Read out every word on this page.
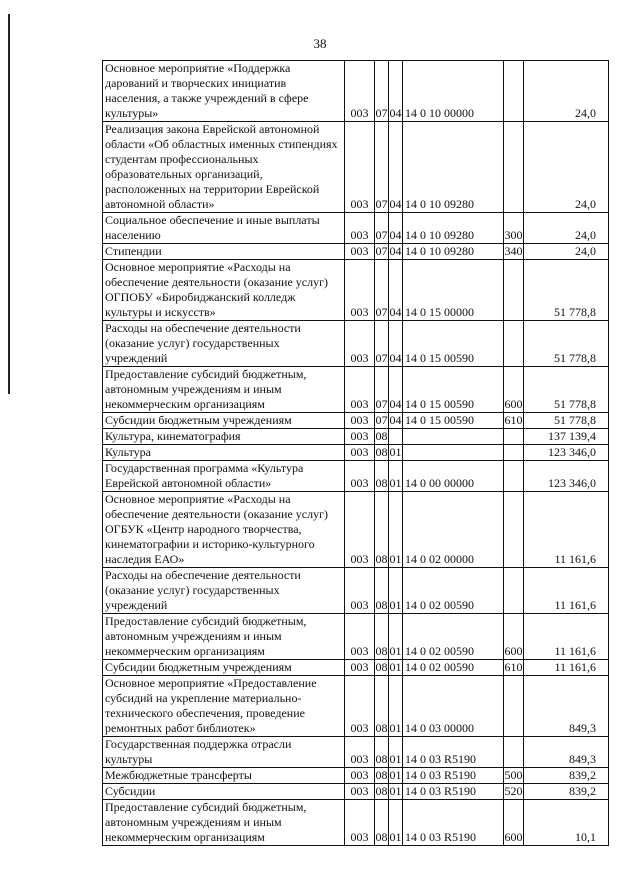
38
Основное мероприятие «Поддержка дарований и творческих инициатив населения, а также учреждений в сфере культуры»	003	07	04	14 0 10 00000		24,0
Реализация закона Еврейской автономной области «Об областных именных стипендиях студентам профессиональных образовательных организаций, расположенных на территории Еврейской автономной области»	003	07	04	14 0 10 09280		24,0
Социальное обеспечение и иные выплаты населению	003	07	04	14 0 10 09280	300	24,0
Стипендии	003	07	04	14 0 10 09280	340	24,0
Основное мероприятие «Расходы на обеспечение деятельности (оказание услуг) ОГПОБУ «Биробиджанский колледж культуры и искусств»	003	07	04	14 0 15 00000		51 778,8
Расходы на обеспечение деятельности (оказание услуг) государственных учреждений	003	07	04	14 0 15 00590		51 778,8
Предоставление субсидий бюджетным, автономным учреждениям и иным некоммерческим организациям	003	07	04	14 0 15 00590	600	51 778,8
Субсидии бюджетным учреждениям	003	07	04	14 0 15 00590	610	51 778,8
Культура, кинематография	003	08				137 139,4
Культура	003	08	01			123 346,0
Государственная программа «Культура Еврейской автономной области»	003	08	01	14 0 00 00000		123 346,0
Основное мероприятие «Расходы на обеспечение деятельности (оказание услуг) ОГБУК «Центр народного творчества, кинематографии и историко-культурного наследия ЕАО»	003	08	01	14 0 02 00000		11 161,6
Расходы на обеспечение деятельности (оказание услуг) государственных учреждений	003	08	01	14 0 02 00590		11 161,6
Предоставление субсидий бюджетным, автономным учреждениям и иным некоммерческим организациям	003	08	01	14 0 02 00590	600	11 161,6
Субсидии бюджетным учреждениям	003	08	01	14 0 02 00590	610	11 161,6
Основное мероприятие «Предоставление субсидий на укрепление материально-технического обеспечения, проведение ремонтных работ библиотек»	003	08	01	14 0 03 00000		849,3
Государственная поддержка отрасли культуры	003	08	01	14 0 03 R5190		849,3
Межбюджетные трансферты	003	08	01	14 0 03 R5190	500	839,2
Субсидии	003	08	01	14 0 03 R5190	520	839,2
Предоставление субсидий бюджетным, автономным учреждениям и иным некоммерческим организациям	003	08	01	14 0 03 R5190	600	10,1
